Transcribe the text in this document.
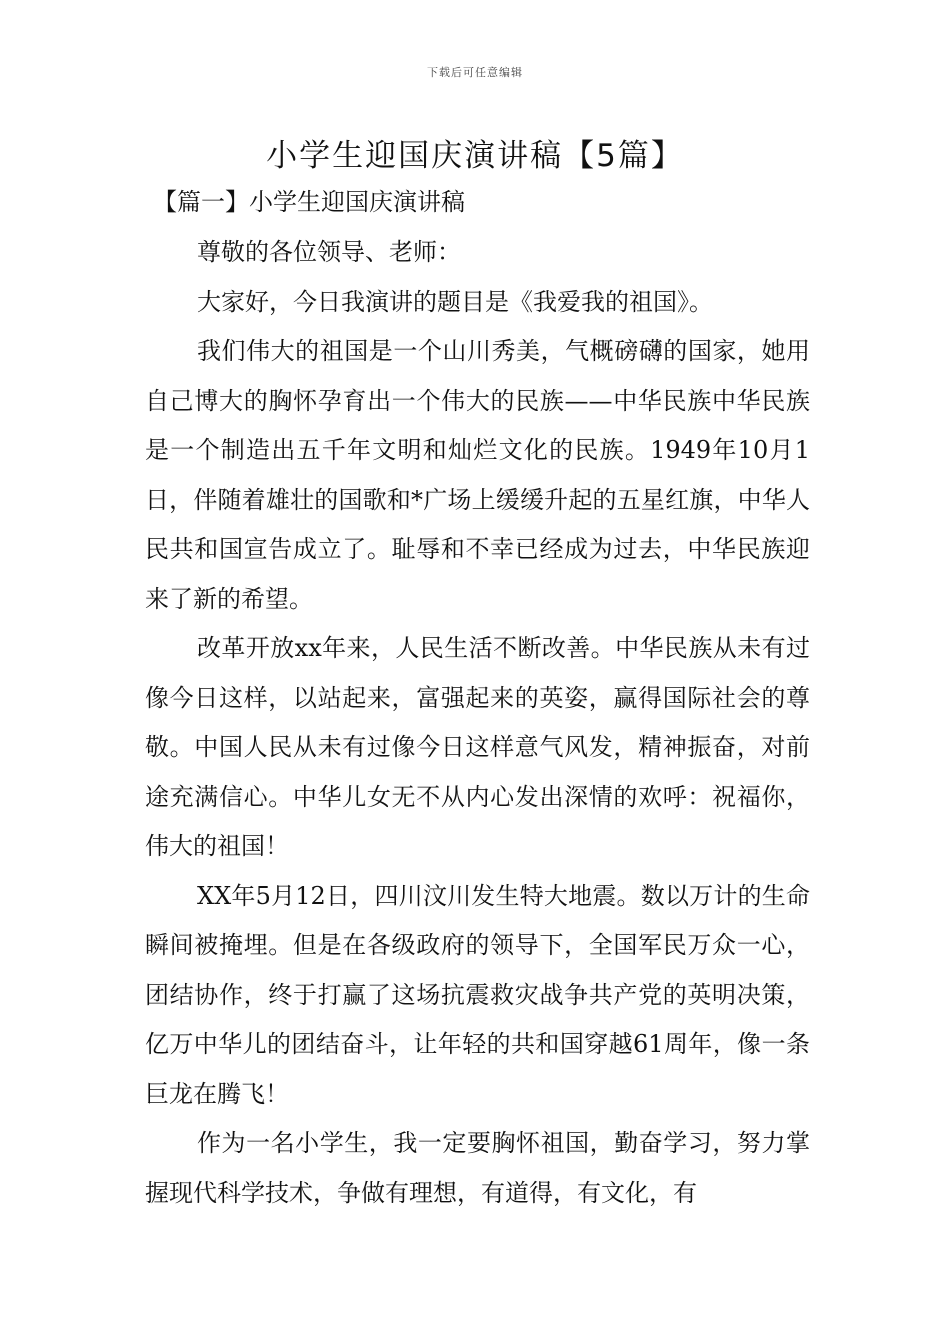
下载后可任意编辑
小学生迎国庆演讲稿【5篇】
【篇一】小学生迎国庆演讲稿

尊敬的各位领导、老师：

大家好，今日我演讲的题目是《我爱我的祖国》。

我们伟大的祖国是一个山川秀美，气概磅礴的国家，她用自己博大的胸怀孕育出一个伟大的民族——中华民族中华民族是一个制造出五千年文明和灿烂文化的民族。1949年10月1日，伴随着雄壮的国歌和*广场上缓缓升起的五星红旗，中华人民共和国宣告成立了。耻辱和不幸已经成为过去，中华民族迎来了新的希望。

改革开放xx年来，人民生活不断改善。中华民族从未有过像今日这样，以站起来，富强起来的英姿，赢得国际社会的尊敬。中国人民从未有过像今日这样意气风发，精神振奋，对前途充满信心。中华儿女无不从内心发出深情的欢呼：祝福你，伟大的祖国！

XX年5月12日，四川汶川发生特大地震。数以万计的生命瞬间被掩埋。但是在各级政府的领导下，全国军民万众一心，团结协作，终于打赢了这场抗震救灾战争共产党的英明决策，亿万中华儿的团结奋斗，让年轻的共和国穿越61周年，像一条巨龙在腾飞！

作为一名小学生，我一定要胸怀祖国，勤奋学习，努力掌握现代科学技术，争做有理想，有道得，有文化，有
